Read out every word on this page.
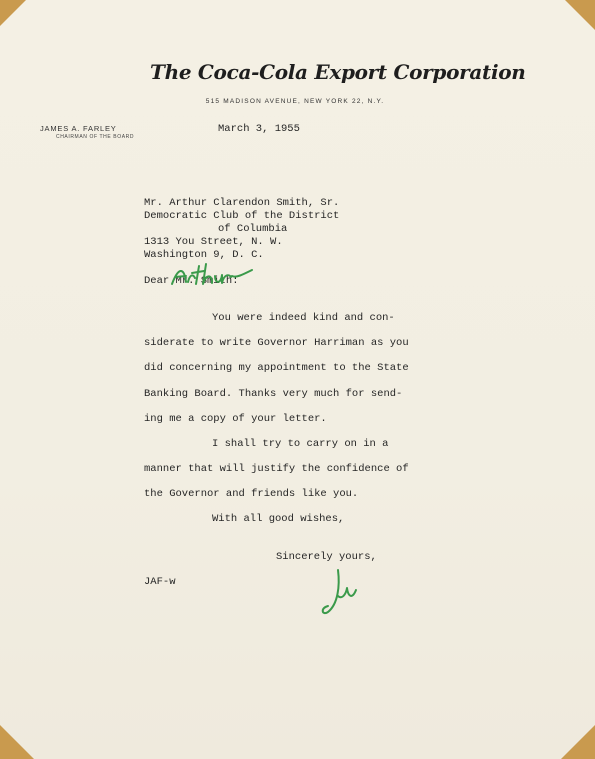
The Coca-Cola Export Corporation
515 MADISON AVENUE, NEW YORK 22, N.Y.
JAMES A. FARLEY
CHAIRMAN OF THE BOARD
March 3, 1955
Mr. Arthur Clarendon Smith, Sr.
Democratic Club of the District
of Columbia
1313 You Street, N. W.
Washington 9, D. C.
Dear Mr. Smith:
You were indeed kind and con-
siderate to write Governor Harriman as you
did concerning my appointment to the State
Banking Board. Thanks very much for send-
ing me a copy of your letter.
I shall try to carry on in a
manner that will justify the confidence of
the Governor and friends like you.
With all good wishes,
Sincerely yours,
JAF-w
